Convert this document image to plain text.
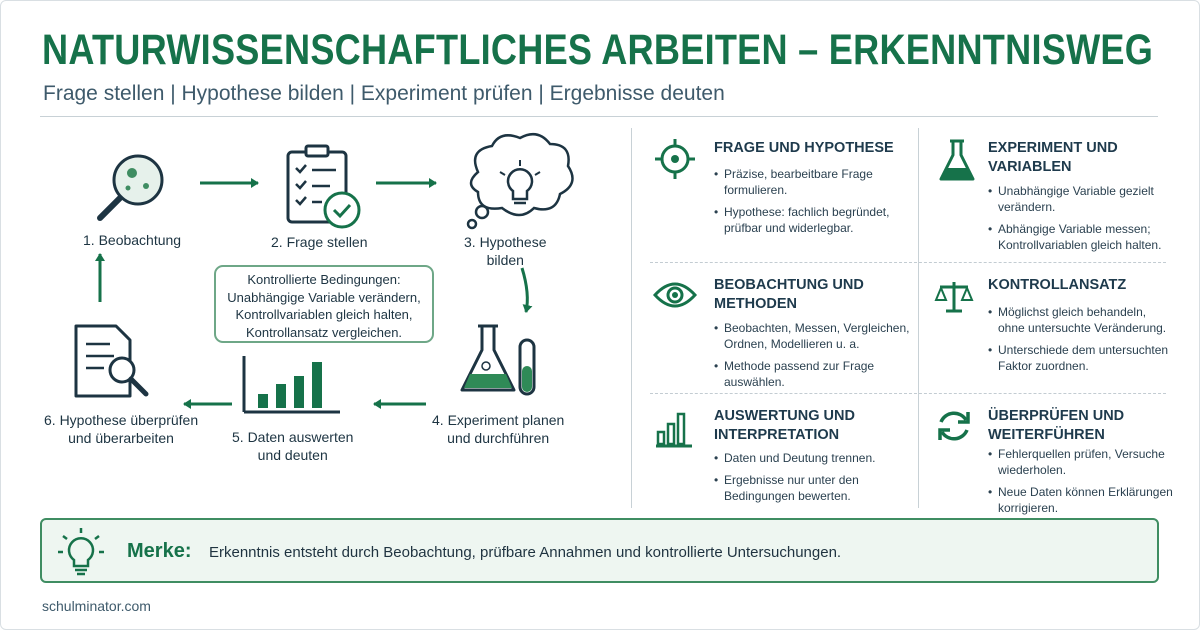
NATURWISSENSCHAFTLICHES ARBEITEN – ERKENNTNISWEG
Frage stellen | Hypothese bilden | Experiment prüfen | Ergebnisse deuten
1. Beobachtung	2. Frage stellen	3. Hypothese
bilden
4. Experiment planen
und durchführen
5. Daten auswerten
und deuten
6. Hypothese überprüfen
und überarbeiten
Kontrollierte Bedingungen:
Unabhängige Variable verändern,
Kontrollvariablen gleich halten,
Kontrollansatz vergleichen.
FRAGE UND HYPOTHESE
• Präzise, bearbeitbare Frage
formulieren.
• Hypothese: fachlich begründet,
prüfbar und widerlegbar.
EXPERIMENT UND
VARIABLEN
• Unabhängige Variable gezielt
verändern.
• Abhängige Variable messen;
Kontrollvariablen gleich halten.
BEOBACHTUNG UND
METHODEN
• Beobachten, Messen, Vergleichen,
Ordnen, Modellieren u. a.
• Methode passend zur Frage
auswählen.
KONTROLLANSATZ
• Möglichst gleich behandeln,
ohne untersuchte Veränderung.
• Unterschiede dem untersuchten
Faktor zuordnen.
AUSWERTUNG UND
INTERPRETATION
• Daten und Deutung trennen.
• Ergebnisse nur unter den
Bedingungen bewerten.
ÜBERPRÜFEN UND
WEITERFÜHREN
• Fehlerquellen prüfen, Versuche
wiederholen.
• Neue Daten können Erklärungen
korrigieren.
Merke: Erkenntnis entsteht durch Beobachtung, prüfbare Annahmen und kontrollierte Untersuchungen.
schulminator.com
